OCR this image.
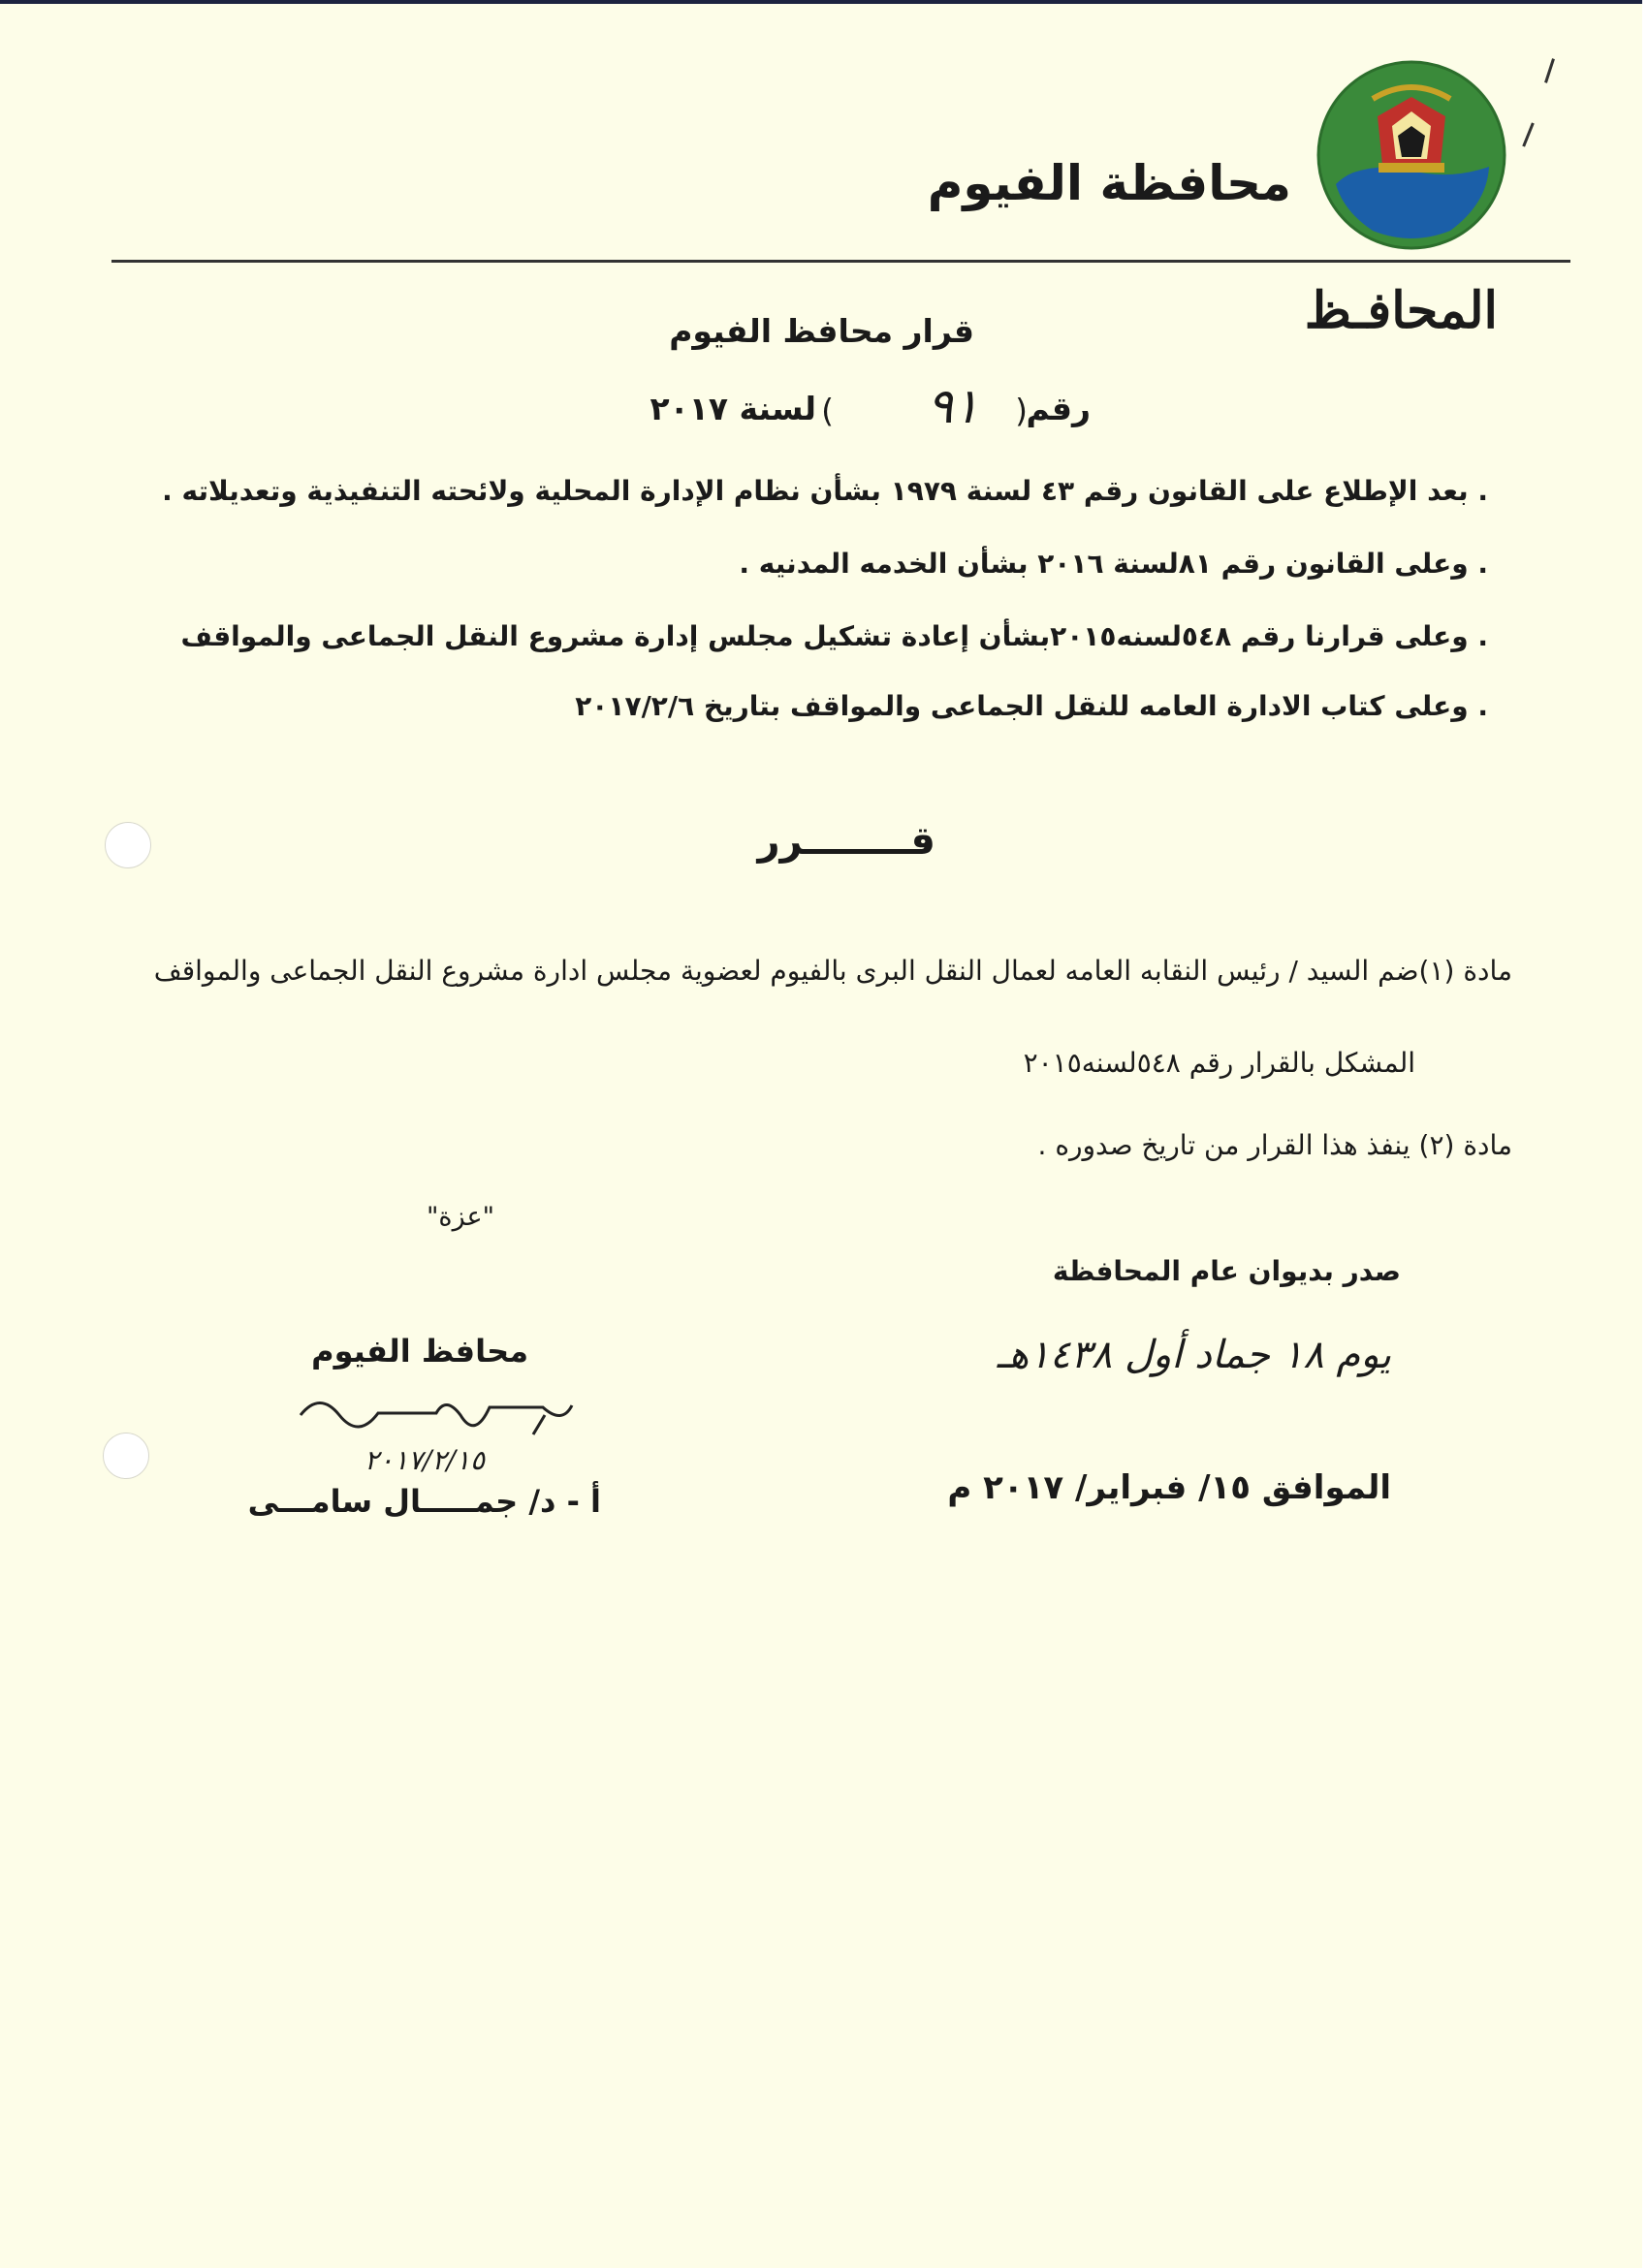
محافظة الفيوم
المحافـظ
قرار محافظ الفيوم
رقم
(
٩١
)
لسنة ٢٠١٧
. بعد الإطلاع على القانون رقم ٤٣ لسنة ١٩٧٩ بشأن نظام الإدارة المحلية ولائحته التنفيذية وتعديلاته .
. وعلى القانون رقم ٨١لسنة ٢٠١٦ بشأن الخدمه المدنيه .
. وعلى قرارنا رقم ٥٤٨لسنه٢٠١٥بشأن إعادة تشكيل مجلس إدارة مشروع النقل الجماعى والمواقف
. وعلى كتاب الادارة العامه للنقل الجماعى والمواقف بتاريخ ٢٠١٧/٢/٦
قــــــــرر
مادة (١)ضم السيد / رئيس النقابه العامه لعمال النقل البرى بالفيوم لعضوية مجلس ادارة مشروع النقل الجماعى والمواقف
المشكل بالقرار رقم ٥٤٨لسنه٢٠١٥
مادة (٢) ينفذ هذا القرار من تاريخ صدوره .
"عزة"
صدر بديوان عام المحافظة
يوم ١٨ جماد أول ١٤٣٨هـ
الموافق ١٥/ فبراير/ ٢٠١٧ م
محافظ الفيوم
٢٠١٧/٢/١٥
أ - د/ جمـــــال سامـــى
